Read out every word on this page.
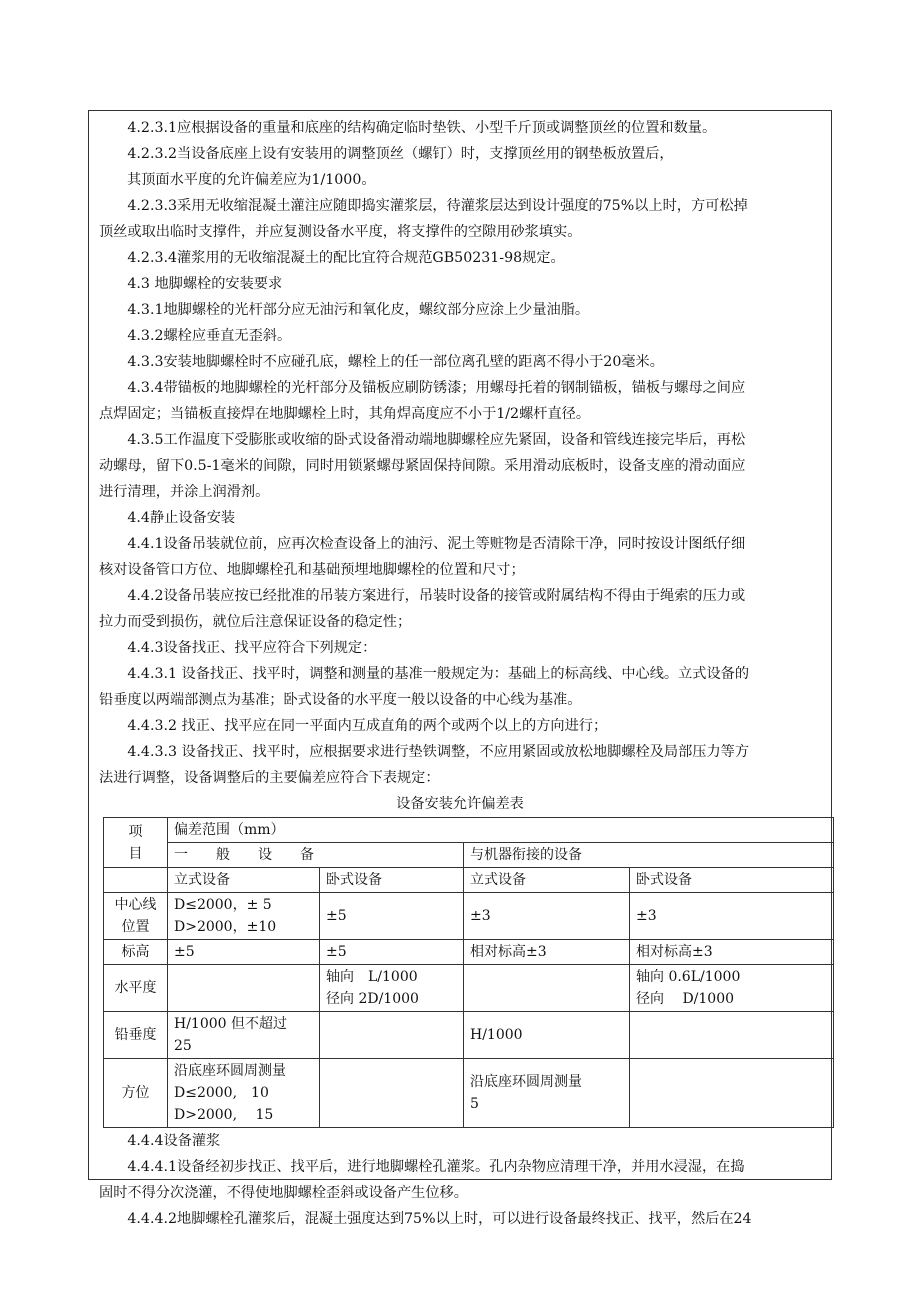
4.2.3.1应根据设备的重量和底座的结构确定临时垫铁、小型千斤顶或调整顶丝的位置和数量。

4.2.3.2当设备底座上设有安装用的调整顶丝（螺钉）时，支撑顶丝用的钢垫板放置后，

其顶面水平度的允许偏差应为1/1000。

4.2.3.3采用无收缩混凝土灌注应随即捣实灌浆层，待灌浆层达到设计强度的75%以上时，方可松掉

顶丝或取出临时支撑件，并应复测设备水平度，将支撑件的空隙用砂浆填实。

4.2.3.4灌浆用的无收缩混凝土的配比宜符合规范GB50231-98规定。

4.3 地脚螺栓的安装要求

4.3.1地脚螺栓的光杆部分应无油污和氧化皮，螺纹部分应涂上少量油脂。

4.3.2螺栓应垂直无歪斜。

4.3.3安装地脚螺栓时不应碰孔底，螺栓上的任一部位离孔壁的距离不得小于20毫米。

4.3.4带锚板的地脚螺栓的光杆部分及锚板应刷防锈漆；用螺母托着的钢制锚板，锚板与螺母之间应

点焊固定；当锚板直接焊在地脚螺栓上时，其角焊高度应不小于1/2螺杆直径。

4.3.5工作温度下受膨胀或收缩的卧式设备滑动端地脚螺栓应先紧固，设备和管线连接完毕后，再松

动螺母，留下0.5-1毫米的间隙，同时用锁紧螺母紧固保持间隙。采用滑动底板时，设备支座的滑动面应

进行清理，并涂上润滑剂。

4.4静止设备安装

4.4.1设备吊装就位前，应再次检查设备上的油污、泥土等赃物是否清除干净，同时按设计图纸仔细

核对设备管口方位、地脚螺栓孔和基础预埋地脚螺栓的位置和尺寸；

4.4.2设备吊装应按已经批准的吊装方案进行，吊装时设备的接管或附属结构不得由于绳索的压力或

拉力而受到损伤，就位后注意保证设备的稳定性；

4.4.3设备找正、找平应符合下列规定：

4.4.3.1 设备找正、找平时，调整和测量的基准一般规定为：基础上的标高线、中心线。立式设备的

铅垂度以两端部测点为基准；卧式设备的水平度一般以设备的中心线为基准。

4.4.3.2 找正、找平应在同一平面内互成直角的两个或两个以上的方向进行；

4.4.3.3 设备找正、找平时，应根据要求进行垫铁调整，不应用紧固或放松地脚螺栓及局部压力等方

法进行调整，设备调整后的主要偏差应符合下表规定：

设备安装允许偏差表

项
目	偏差范围（mm）			
	一　　般　　设　　备		与机器衔接的设备	
	立式设备	卧式设备	立式设备	卧式设备
中心线
位置	D≤2000，± 5
D>2000，±10	±5	±3	±3
标高	±5	±5	相对标高±3	相对标高±3
水平度		轴向　L/1000
径向 2D/1000		轴向 0.6L/1000
径向　 D/1000
铅垂度	H/1000 但不超过
25		H/1000	
方位	沿底座环圆周测量
D≤2000,　10
D>2000,　 15		沿底座环圆周测量
5	

4.4.4设备灌浆

4.4.4.1设备经初步找正、找平后，进行地脚螺栓孔灌浆。孔内杂物应清理干净，并用水浸湿，在捣

固时不得分次浇灌，不得使地脚螺栓歪斜或设备产生位移。

4.4.4.2地脚螺栓孔灌浆后，混凝土强度达到75%以上时，可以进行设备最终找正、找平，然后在24
